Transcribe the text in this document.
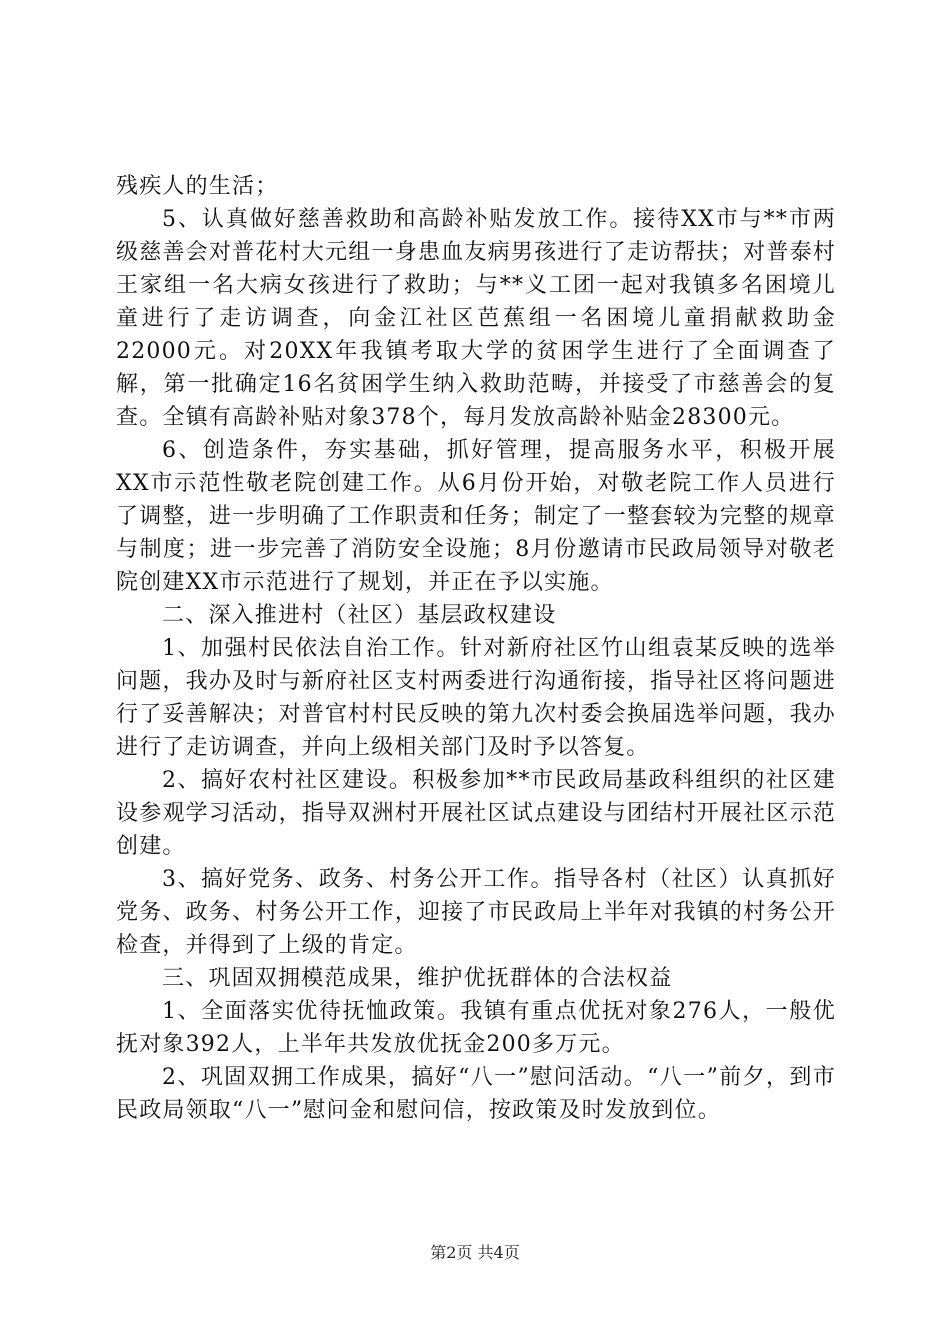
残疾人的生活；

5、认真做好慈善救助和高龄补贴发放工作。接待XX市与**市两级慈善会对普花村大元组一身患血友病男孩进行了走访帮扶；对普泰村王家组一名大病女孩进行了救助；与**义工团一起对我镇多名困境儿童进行了走访调查，向金江社区芭蕉组一名困境儿童捐献救助金22000元。对20XX年我镇考取大学的贫困学生进行了全面调查了解，第一批确定16名贫困学生纳入救助范畴，并接受了市慈善会的复查。全镇有高龄补贴对象378个，每月发放高龄补贴金28300元。

6、创造条件，夯实基础，抓好管理，提高服务水平，积极开展XX市示范性敬老院创建工作。从6月份开始，对敬老院工作人员进行了调整，进一步明确了工作职责和任务；制定了一整套较为完整的规章与制度；进一步完善了消防安全设施；8月份邀请市民政局领导对敬老院创建XX市示范进行了规划，并正在予以实施。

二、深入推进村（社区）基层政权建设

1、加强村民依法自治工作。针对新府社区竹山组袁某反映的选举问题，我办及时与新府社区支村两委进行沟通衔接，指导社区将问题进行了妥善解决；对普官村村民反映的第九次村委会换届选举问题，我办进行了走访调查，并向上级相关部门及时予以答复。

2、搞好农村社区建设。积极参加**市民政局基政科组织的社区建设参观学习活动，指导双洲村开展社区试点建设与团结村开展社区示范创建。

3、搞好党务、政务、村务公开工作。指导各村（社区）认真抓好党务、政务、村务公开工作，迎接了市民政局上半年对我镇的村务公开检查，并得到了上级的肯定。

三、巩固双拥模范成果，维护优抚群体的合法权益

1、全面落实优待抚恤政策。我镇有重点优抚对象276人，一般优抚对象392人，上半年共发放优抚金200多万元。

2、巩固双拥工作成果，搞好“八一”慰问活动。“八一”前夕，到市民政局领取“八一”慰问金和慰问信，按政策及时发放到位。

第2页 共4页
